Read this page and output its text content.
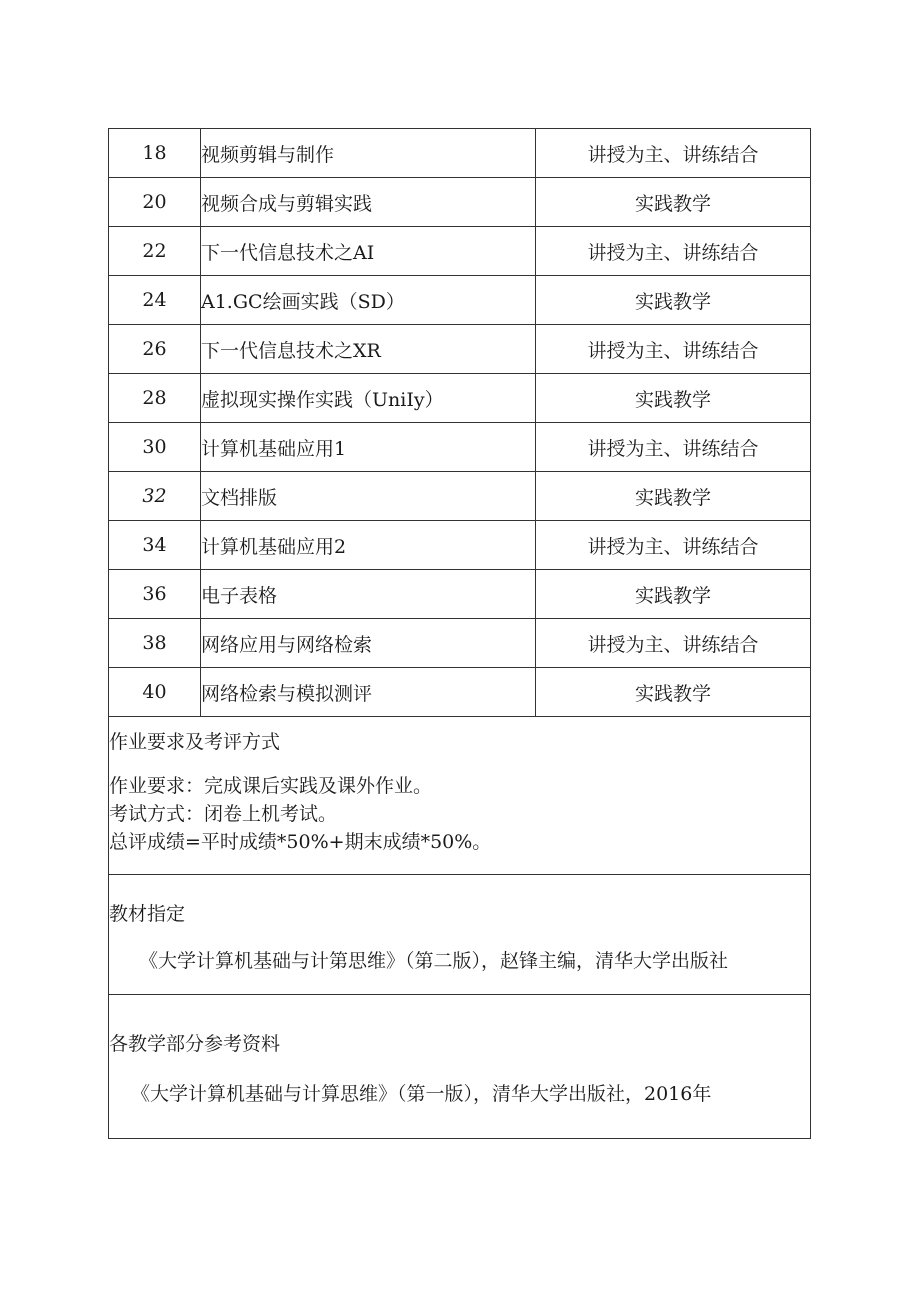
18	视频剪辑与制作	讲授为主、讲练结合
20	视频合成与剪辑实践	实践教学
22	下一代信息技术之AI	讲授为主、讲练结合
24	A1.GC绘画实践（SD）	实践教学
26	下一代信息技术之XR	讲授为主、讲练结合
28	虚拟现实操作实践（UniIy）	实践教学
30	计算机基础应用1	讲授为主、讲练结合
32	文档排版	实践教学
34	计算机基础应用2	讲授为主、讲练结合
36	电子表格	实践教学
38	网络应用与网络检索	讲授为主、讲练结合
40	网络检索与模拟测评	实践教学
作业要求及考评方式
作业要求：完成课后实践及课外作业。
考试方式：闭卷上机考试。
总评成绩=平时成绩*50%+期末成绩*50%。
教材指定
《大学计算机基础与计第思维》（第二版），赵锋主编，清华大学出版社
各教学部分参考资料
《大学计算机基础与计算思维》（第一版），清华大学出版社，2016年
